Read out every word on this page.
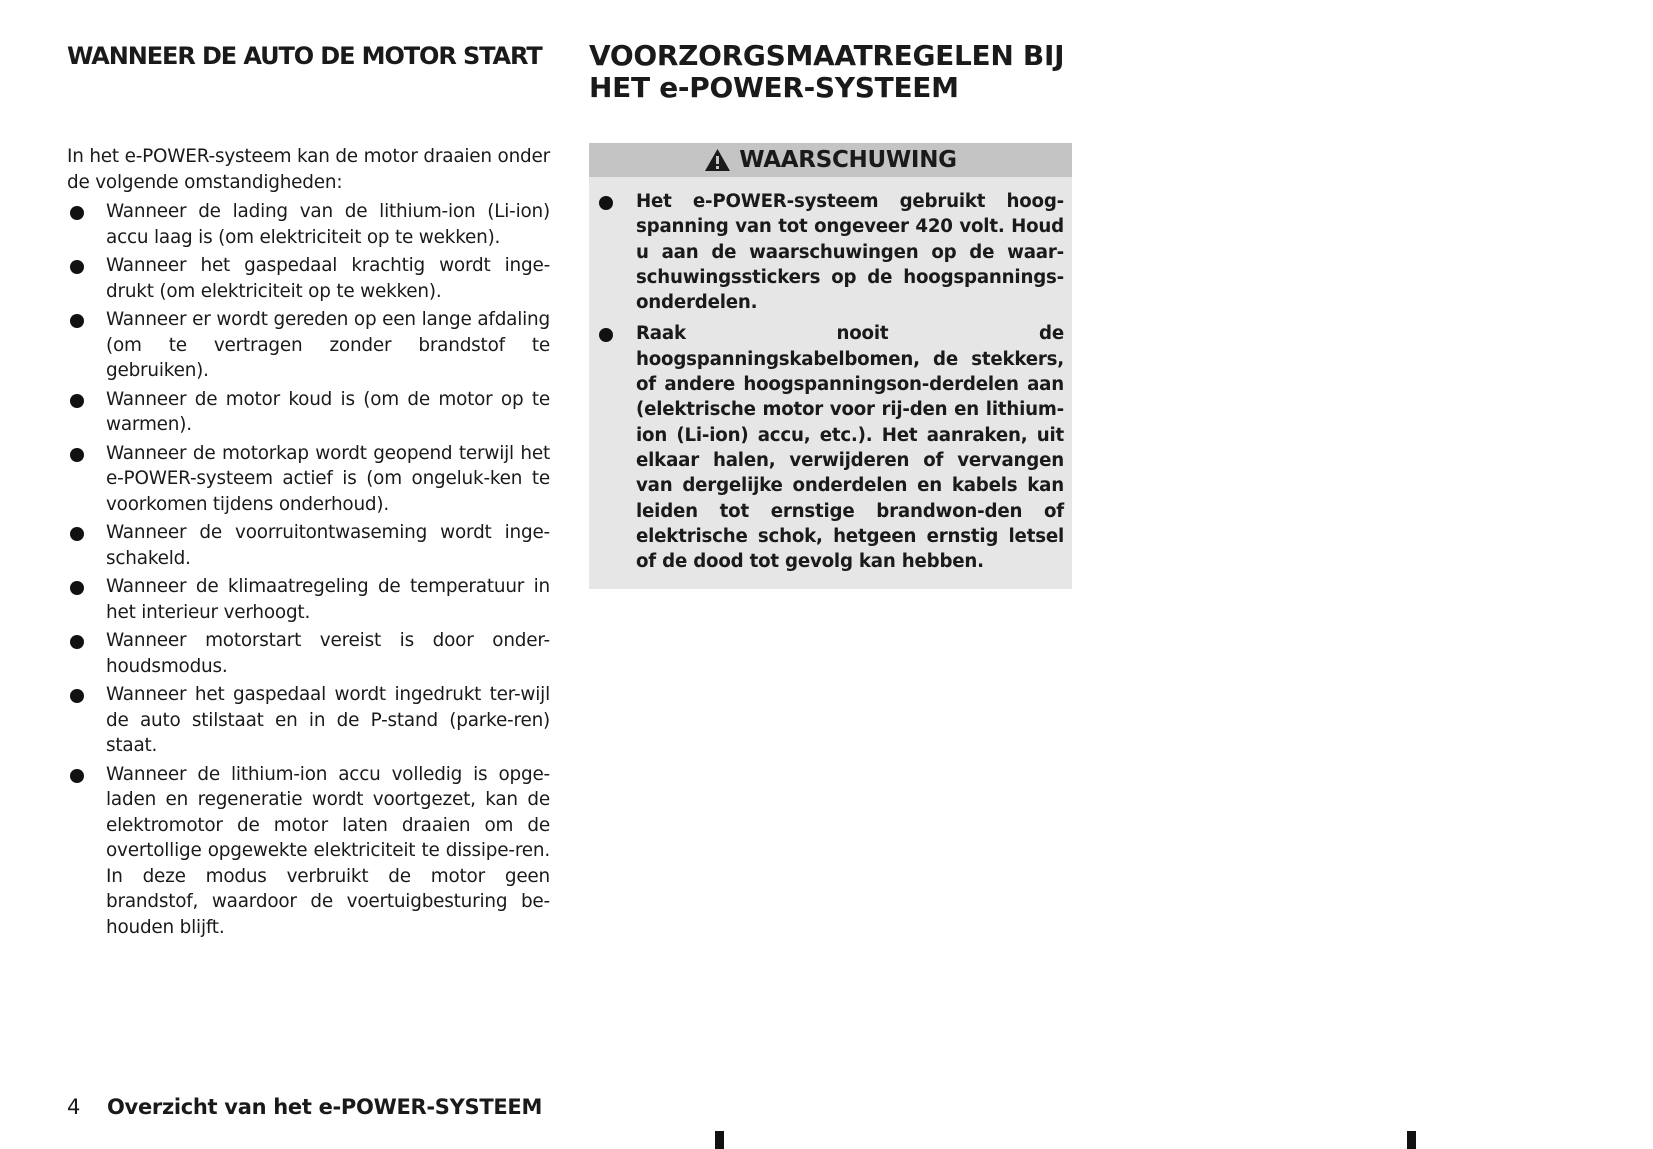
WANNEER DE AUTO DE MOTOR START
In het e-POWER-systeem kan de motor draaien onder de volgende omstandigheden:
Wanneer de lading van de lithium-ion (Li-ion) accu laag is (om elektriciteit op te wekken).
Wanneer het gaspedaal krachtig wordt inge-drukt (om elektriciteit op te wekken).
Wanneer er wordt gereden op een lange afdaling (om te vertragen zonder brandstof te gebruiken).
Wanneer de motor koud is (om de motor op te warmen).
Wanneer de motorkap wordt geopend terwijl het e-POWER-systeem actief is (om ongeluk-ken te voorkomen tijdens onderhoud).
Wanneer de voorruitontwaseming wordt inge-schakeld.
Wanneer de klimaatregeling de temperatuur in het interieur verhoogt.
Wanneer motorstart vereist is door onder-houdsmodus.
Wanneer het gaspedaal wordt ingedrukt ter-wijl de auto stilstaat en in de P-stand (parke-ren) staat.
Wanneer de lithium-ion accu volledig is opge-laden en regeneratie wordt voortgezet, kan de elektromotor de motor laten draaien om de overtollige opgewekte elektriciteit te dissipe-ren. In deze modus verbruikt de motor geen brandstof, waardoor de voertuigbesturing be-houden blijft.
VOORZORGSMAATREGELEN BIJ
HET e-POWER-SYSTEEM
WAARSCHUWING
Het e-POWER-systeem gebruikt hoog-spanning van tot ongeveer 420 volt. Houd u aan de waarschuwingen op de waar-schuwingsstickers op de hoogspannings-onderdelen.
Raak nooit de hoogspanningskabelbomen, de stekkers, of andere hoogspanningson-derdelen aan (elektrische motor voor rij-den en lithium-ion (Li-ion) accu, etc.). Het aanraken, uit elkaar halen, verwijderen of vervangen van dergelijke onderdelen en kabels kan leiden tot ernstige brandwon-den of elektrische schok, hetgeen ernstig letsel of de dood tot gevolg kan hebben.
4	Overzicht van het e-POWER-SYSTEEM
